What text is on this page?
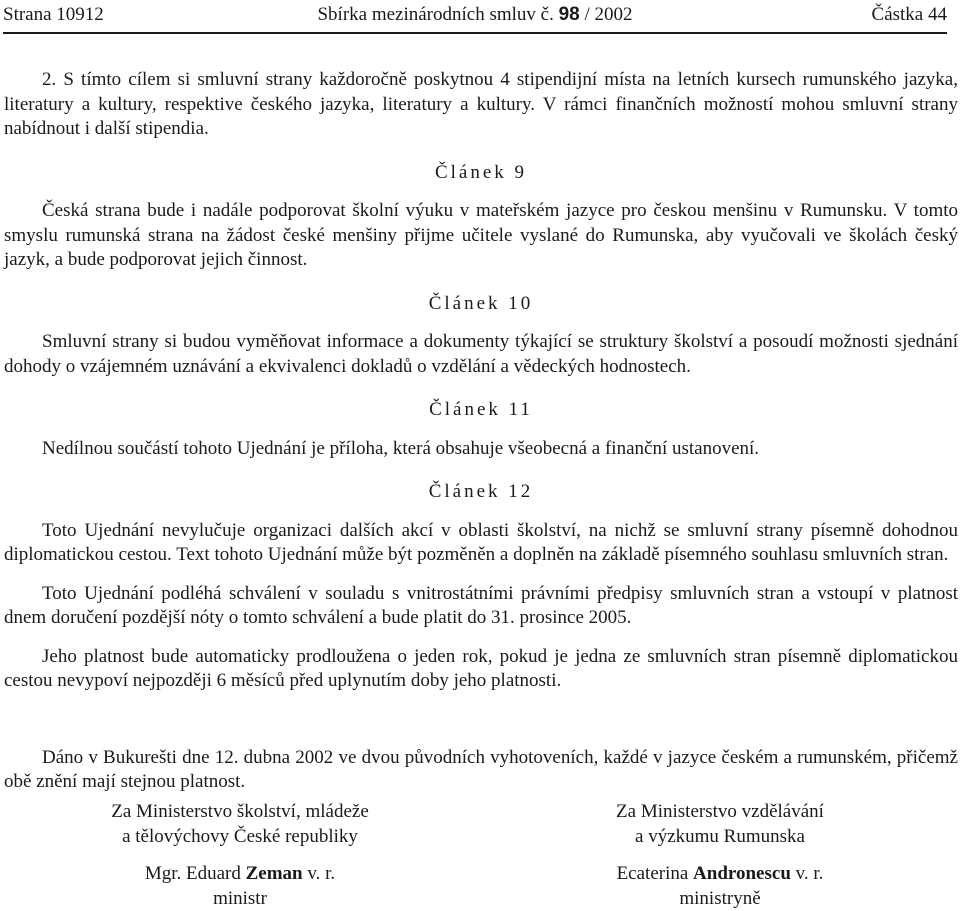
Strana 10912	Sbírka mezinárodních smluv č. 98 / 2002	Částka 44

2. S tímto cílem si smluvní strany každoročně poskytnou 4 stipendijní místa na letních kursech rumunského jazyka, literatury a kultury, respektive českého jazyka, literatury a kultury. V rámci finančních možností mohou smluvní strany nabídnout i další stipendia.

Článek 9

Česká strana bude i nadále podporovat školní výuku v mateřském jazyce pro českou menšinu v Rumunsku. V tomto smyslu rumunská strana na žádost české menšiny přijme učitele vyslané do Rumunska, aby vyučovali ve školách český jazyk, a bude podporovat jejich činnost.

Článek 10

Smluvní strany si budou vyměňovat informace a dokumenty týkající se struktury školství a posoudí možnosti sjednání dohody o vzájemném uznávání a ekvivalenci dokladů o vzdělání a vědeckých hodnostech.

Článek 11

Nedílnou součástí tohoto Ujednání je příloha, která obsahuje všeobecná a finanční ustanovení.

Článek 12

Toto Ujednání nevylučuje organizaci dalších akcí v oblasti školství, na nichž se smluvní strany písemně dohodnou diplomatickou cestou. Text tohoto Ujednání může být pozměněn a doplněn na základě písemného souhlasu smluvních stran.

Toto Ujednání podléhá schválení v souladu s vnitrostátními právními předpisy smluvních stran a vstoupí v platnost dnem doručení pozdější nóty o tomto schválení a bude platit do 31. prosince 2005.

Jeho platnost bude automaticky prodloužena o jeden rok, pokud je jedna ze smluvních stran písemně diplomatickou cestou nevypoví nejpozději 6 měsíců před uplynutím doby jeho platnosti.

Dáno v Bukurešti dne 12. dubna 2002 ve dvou původních vyhotoveních, každé v jazyce českém a rumunském, přičemž obě znění mají stejnou platnost.

Za Ministerstvo školství, mládeže
a tělovýchovy České republiky
Mgr. Eduard Zeman v. r.
ministr
Za Ministerstvo vzdělávání
a výzkumu Rumunska
Ecaterina Andronescu v. r.
ministryně
